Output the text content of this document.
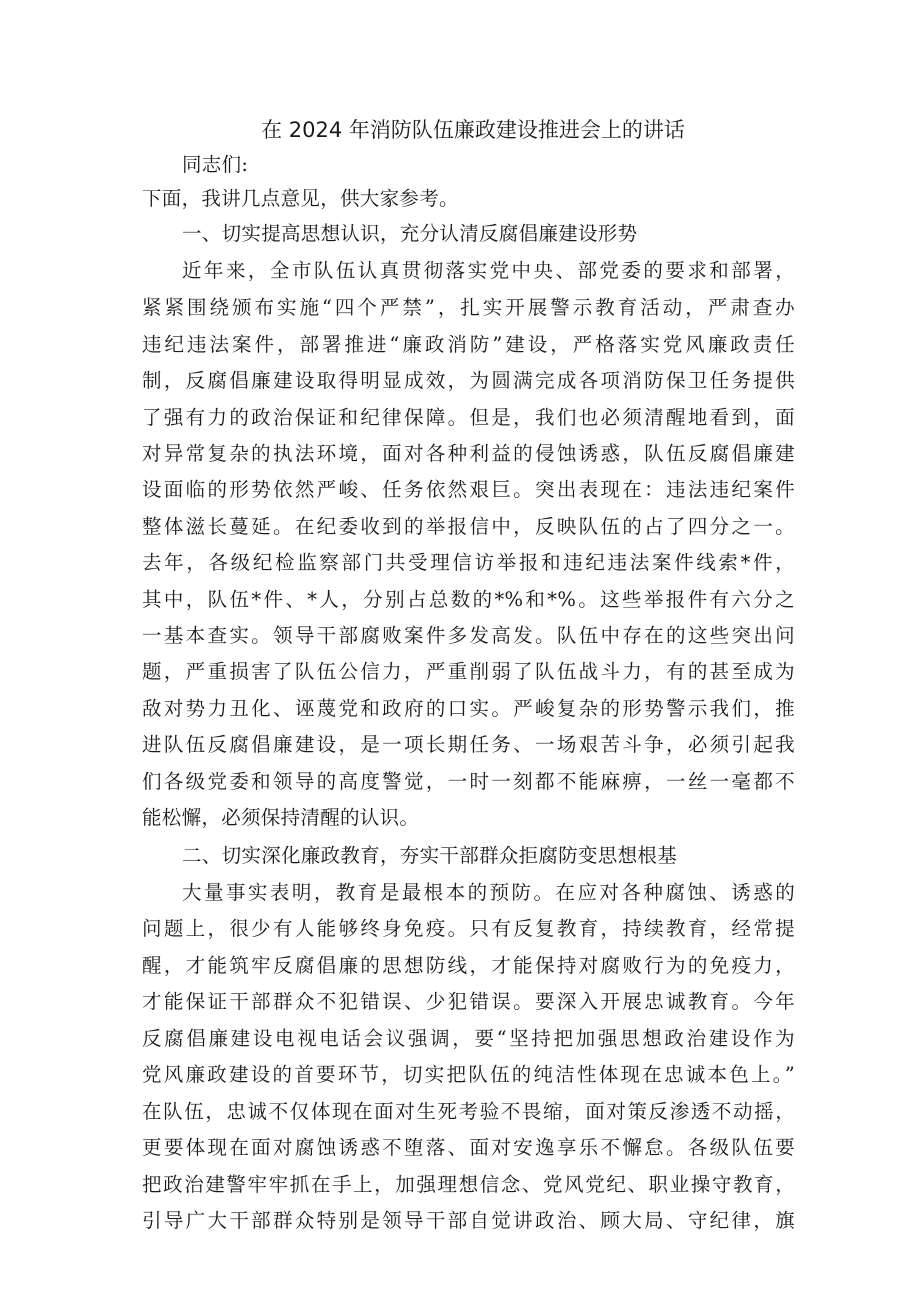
在 2024 年消防队伍廉政建设推进会上的讲话
同志们:
下面，我讲几点意见，供大家参考。
一、切实提高思想认识，充分认清反腐倡廉建设形势
近年来，全市队伍认真贯彻落实党中央、部党委的要求和部署，
紧紧围绕颁布实施“四个严禁”，扎实开展警示教育活动，严肃查办
违纪违法案件，部署推进“廉政消防”建设，严格落实党风廉政责任
制，反腐倡廉建设取得明显成效，为圆满完成各项消防保卫任务提供
了强有力的政治保证和纪律保障。但是，我们也必须清醒地看到，面
对异常复杂的执法环境，面对各种利益的侵蚀诱惑，队伍反腐倡廉建
设面临的形势依然严峻、任务依然艰巨。突出表现在：违法违纪案件
整体滋长蔓延。在纪委收到的举报信中，反映队伍的占了四分之一。
去年，各级纪检监察部门共受理信访举报和违纪违法案件线索*件，
其中，队伍*件、*人，分别占总数的*%和*%。这些举报件有六分之
一基本查实。领导干部腐败案件多发高发。队伍中存在的这些突出问
题，严重损害了队伍公信力，严重削弱了队伍战斗力，有的甚至成为
敌对势力丑化、诬蔑党和政府的口实。严峻复杂的形势警示我们，推
进队伍反腐倡廉建设，是一项长期任务、一场艰苦斗争，必须引起我
们各级党委和领导的高度警觉，一时一刻都不能麻痹，一丝一毫都不
能松懈，必须保持清醒的认识。
二、切实深化廉政教育，夯实干部群众拒腐防变思想根基
大量事实表明，教育是最根本的预防。在应对各种腐蚀、诱惑的
问题上，很少有人能够终身免疫。只有反复教育，持续教育，经常提
醒，才能筑牢反腐倡廉的思想防线，才能保持对腐败行为的免疫力，
才能保证干部群众不犯错误、少犯错误。要深入开展忠诚教育。今年
反腐倡廉建设电视电话会议强调，要“坚持把加强思想政治建设作为
党风廉政建设的首要环节，切实把队伍的纯洁性体现在忠诚本色上。”
在队伍，忠诚不仅体现在面对生死考验不畏缩，面对策反渗透不动摇，
更要体现在面对腐蚀诱惑不堕落、面对安逸享乐不懈怠。各级队伍要
把政治建警牢牢抓在手上，加强理想信念、党风党纪、职业操守教育，
引导广大干部群众特别是领导干部自觉讲政治、顾大局、守纪律，旗
